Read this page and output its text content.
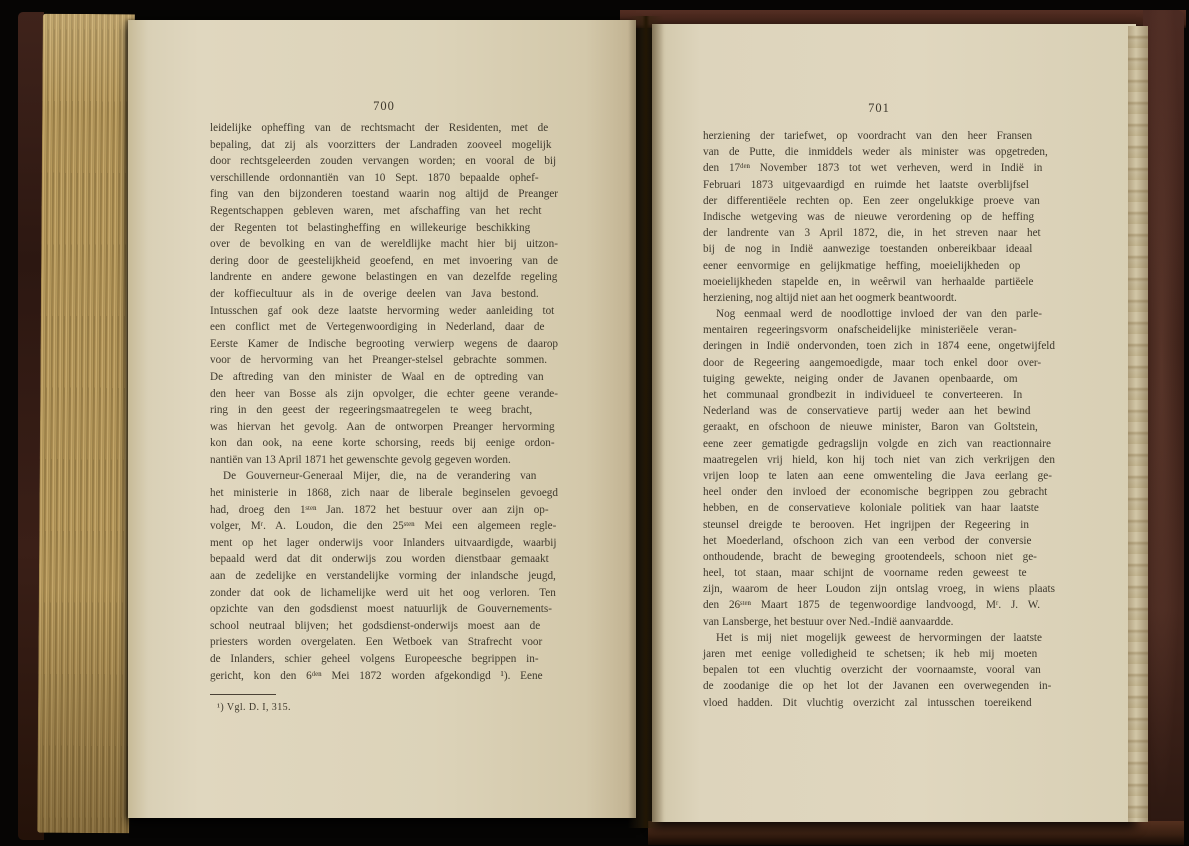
700	701
leidelijke opheffing van de rechtsmacht der Residenten, met de
bepaling, dat zij als voorzitters der Landraden zooveel mogelijk
door rechtsgeleerden zouden vervangen worden; en vooral de bij
verschillende ordonnantiën van 10 Sept. 1870 bepaalde ophef-
fing van den bijzonderen toestand waarin nog altijd de Preanger
Regentschappen gebleven waren, met afschaffing van het recht
der Regenten tot belastingheffing en willekeurige beschikking
over de bevolking en van de wereldlijke macht hier bij uitzon-
dering door de geestelijkheid geoefend, en met invoering van de
landrente en andere gewone belastingen en van dezelfde regeling
der koffiecultuur als in de overige deelen van Java bestond.
Intusschen gaf ook deze laatste hervorming weder aanleiding tot
een conflict met de Vertegenwoordiging in Nederland, daar de
Eerste Kamer de Indische begrooting verwierp wegens de daarop
voor de hervorming van het Preanger-stelsel gebrachte sommen.
De aftreding van den minister de Waal en de optreding van
den heer van Bosse als zijn opvolger, die echter geene verande-
ring in den geest der regeeringsmaatregelen te weeg bracht,
was hiervan het gevolg. Aan de ontworpen Preanger hervorming
kon dan ook, na eene korte schorsing, reeds bij eenige ordon-
nantiën van 13 April 1871 het gewenschte gevolg gegeven worden.
De Gouverneur-Generaal Mijer, die, na de verandering van
het ministerie in 1868, zich naar de liberale beginselen gevoegd
had, droeg den 1ˢᵗᵉⁿ Jan. 1872 het bestuur over aan zijn op-
volger, Mʳ. A. Loudon, die den 25ˢᵗᵉⁿ Mei een algemeen regle-
ment op het lager onderwijs voor Inlanders uitvaardigde, waarbij
bepaald werd dat dit onderwijs zou worden dienstbaar gemaakt
aan de zedelijke en verstandelijke vorming der inlandsche jeugd,
zonder dat ook de lichamelijke werd uit het oog verloren. Ten
opzichte van den godsdienst moest natuurlijk de Gouvernements-
school neutraal blijven; het godsdienst-onderwijs moest aan de
priesters worden overgelaten. Een Wetboek van Strafrecht voor
de Inlanders, schier geheel volgens Europeesche begrippen in-
gericht, kon den 6ᵈᵉⁿ Mei 1872 worden afgekondigd ¹). Eene
herziening der tariefwet, op voordracht van den heer Fransen
van de Putte, die inmiddels weder als minister was opgetreden,
den 17ᵈᵉⁿ November 1873 tot wet verheven, werd in Indië in
Februari 1873 uitgevaardigd en ruimde het laatste overblijfsel
der differentiëele rechten op. Een zeer ongelukkige proeve van
Indische wetgeving was de nieuwe verordening op de heffing
der landrente van 3 April 1872, die, in het streven naar het
bij de nog in Indië aanwezige toestanden onbereikbaar ideaal
eener eenvormige en gelijkmatige heffing, moeielijkheden op
moeielijkheden stapelde en, in weêrwil van herhaalde partiëele
herziening, nog altijd niet aan het oogmerk beantwoordt.
Nog eenmaal werd de noodlottige invloed der van den parle-
mentairen regeeringsvorm onafscheidelijke ministeriëele veran-
deringen in Indië ondervonden, toen zich in 1874 eene, ongetwijfeld
door de Regeering aangemoedigde, maar toch enkel door over-
tuiging gewekte, neiging onder de Javanen openbaarde, om
het communaal grondbezit in individueel te converteeren. In
Nederland was de conservatieve partij weder aan het bewind
geraakt, en ofschoon de nieuwe minister, Baron van Goltstein,
eene zeer gematigde gedragslijn volgde en zich van reactionnaire
maatregelen vrij hield, kon hij toch niet van zich verkrijgen den
vrijen loop te laten aan eene omwenteling die Java eerlang ge-
heel onder den invloed der economische begrippen zou gebracht
hebben, en de conservatieve koloniale politiek van haar laatste
steunsel dreigde te berooven. Het ingrijpen der Regeering in
het Moederland, ofschoon zich van een verbod der conversie
onthoudende, bracht de beweging grootendeels, schoon niet ge-
heel, tot staan, maar schijnt de voorname reden geweest te
zijn, waarom de heer Loudon zijn ontslag vroeg, in wiens plaats
den 26ˢᵗᵉⁿ Maart 1875 de tegenwoordige landvoogd, Mʳ. J. W.
van Lansberge, het bestuur over Ned.-Indië aanvaardde.
Het is mij niet mogelijk geweest de hervormingen der laatste
jaren met eenige volledigheid te schetsen; ik heb mij moeten
bepalen tot een vluchtig overzicht der voornaamste, vooral van
de zoodanige die op het lot der Javanen een overwegenden in-
vloed hadden. Dit vluchtig overzicht zal intusschen toereikend
¹) Vgl. D. I, 315.
